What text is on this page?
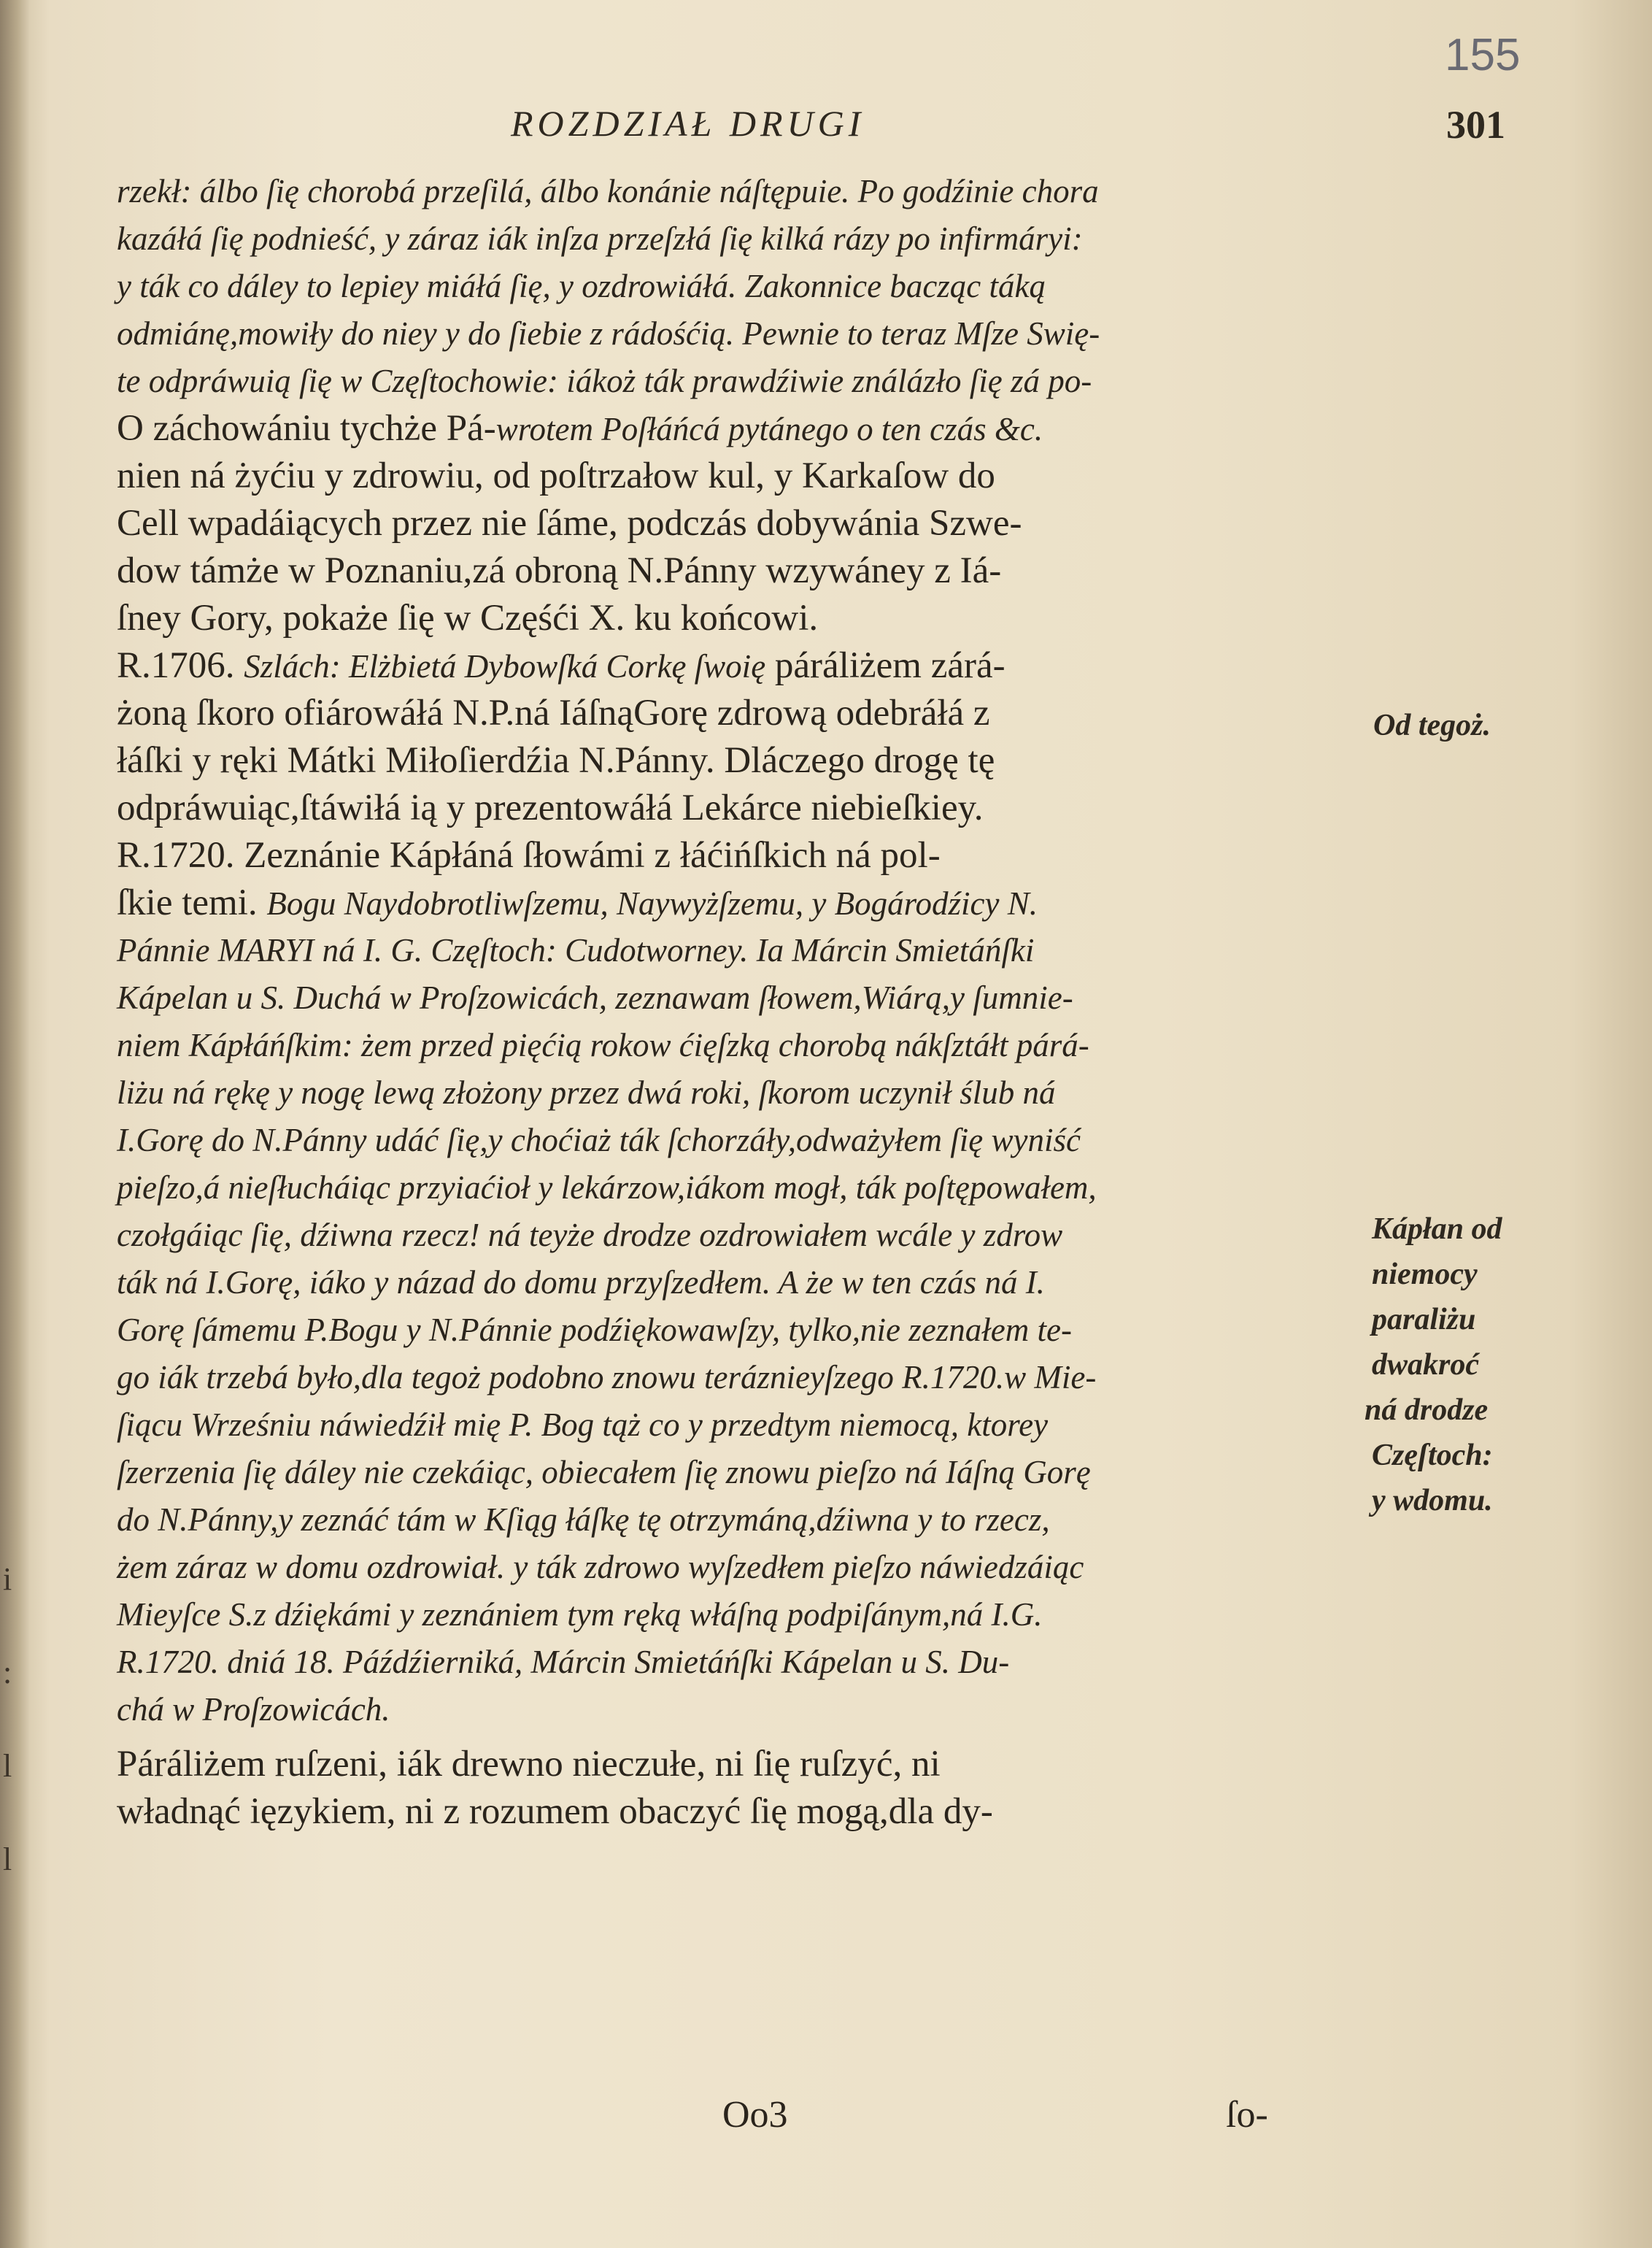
i
:
l
l
155
ROZDZIAŁ DRUGI	301
rzekł: álbo ſię chorobá przeſilá, álbo konánie náſtępuie. Po godźinie chora
kazáłá ſię podnieść, y záraz iák inſza przeſzłá ſię kilká rázy po infirmáryi:
y ták co dáley to lepiey miáłá ſię, y ozdrowiáłá. Zakonnice bacząc táką
odmiánę,mowiły do niey y do ſiebie z rádośćią. Pewnie to teraz Mſze Swię-
te odpráwuią ſię w Częſtochowie: iákoż ták prawdźiwie ználázło ſię zá po-
O záchowániu tychże Pá-wrotem Poſłáńcá pytánego o ten czás &c.
nien ná żyćiu y zdrowiu, od poſtrzałow kul, y Karkaſow do
Cell wpadáiących przez nie ſáme, podczás dobywánia Szwe-
dow támże w Poznaniu,zá obroną N.Pánny wzywáney z Iá-
ſney Gory, pokaże ſię w Częśći X. ku końcowi.
R.1706. Szlách: Elżbietá Dybowſká Corkę ſwoię páráliżem zárá-
żoną ſkoro ofiárowáłá N.P.ná IáſnąGorę zdrową odebráłá z
łáſki y ręki Mátki Miłoſierdźia N.Pánny. Dláczego drogę tę
odpráwuiąc,ſtáwiłá ią y prezentowáłá Lekárce niebieſkiey.
R.1720. Zeznánie Kápłáná ſłowámi z łáćińſkich ná pol-
ſkie temi. Bogu Naydobrotliwſzemu, Naywyżſzemu, y Bogárodźicy N.
Pánnie MARYI ná I. G. Częſtoch: Cudotworney. Ia Márcin Smietáńſki
Kápelan u S. Duchá w Proſzowicách, zeznawam ſłowem,Wiárą,y ſumnie-
niem Kápłáńſkim: żem przed pięćią rokow ćięſzką chorobą nákſztáłt párá-
liżu ná rękę y nogę lewą złożony przez dwá roki, ſkorom uczynił ślub ná
I.Gorę do N.Pánny udáć ſię,y choćiaż ták ſchorzáły,odważyłem ſię wyniść
pieſzo,á nieſłucháiąc przyiaćioł y lekárzow,iákom mogł, ták poſtępowałem,
czołgáiąc ſię, dźiwna rzecz! ná teyże drodze ozdrowiałem wcále y zdrow
ták ná I.Gorę, iáko y názad do domu przyſzedłem. A że w ten czás ná I.
Gorę ſámemu P.Bogu y N.Pánnie podźiękowawſzy, tylko,nie zeznałem te-
go iák trzebá było,dla tegoż podobno znowu teráznieyſzego R.1720.w Mie-
ſiącu Wrześniu náwiedźił mię P. Bog tąż co y przedtym niemocą, ktorey
ſzerzenia ſię dáley nie czekáiąc, obiecałem ſię znowu pieſzo ná Iáſną Gorę
do N.Pánny,y zeznáć tám w Kſiąg łáſkę tę otrzymáną,dźiwna y to rzecz,
żem záraz w domu ozdrowiał. y ták zdrowo wyſzedłem pieſzo náwiedzáiąc
Mieyſce S.z dźiękámi y zeznániem tym ręką włáſną podpiſánym,ná I.G.
R.1720. dniá 18. Páźdźierniká, Márcin Smietáńſki Kápelan u S. Du-
chá w Proſzowicách.
Páráliżem ruſzeni, iák drewno nieczułe, ni ſię ruſzyć, ni
władnąć ięzykiem, ni z rozumem obaczyć ſię mogą,dla dy-
Od tegoż.
Kápłan od
niemocy
paraliżu
dwakroć
ná drodze
Częſtoch:
y wdomu.
Oo3	ſo-
